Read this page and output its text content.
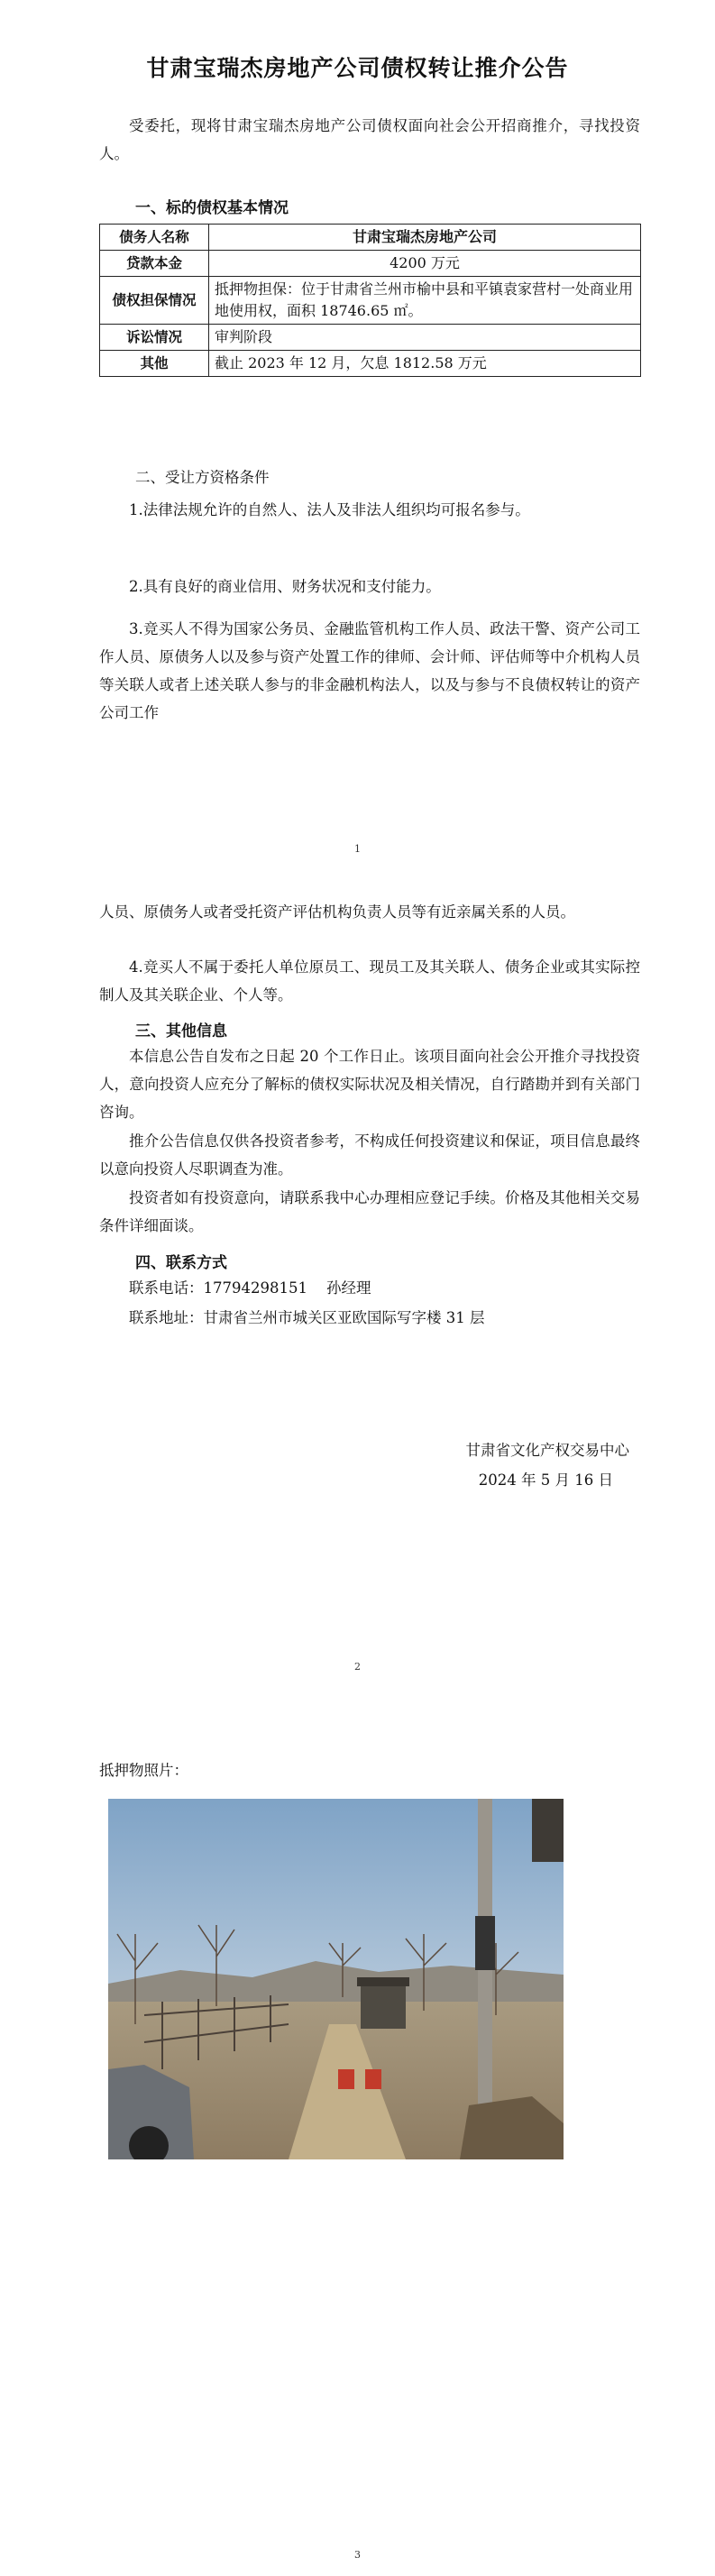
甘肃宝瑞杰房地产公司债权转让推介公告

受委托，现将甘肃宝瑞杰房地产公司债权面向社会公开招商推介，寻找投资人。

一、标的债权基本情况

债务人名称	甘肃宝瑞杰房地产公司
贷款本金	4200 万元
债权担保情况	抵押物担保：位于甘肃省兰州市榆中县和平镇袁家营村一处商业用地使用权，面积 18746.65 ㎡。
诉讼情况	审判阶段
其他	截止 2023 年 12 月，欠息 1812.58 万元

二、受让方资格条件

1.法律法规允许的自然人、法人及非法人组织均可报名参与。

2.具有良好的商业信用、财务状况和支付能力。

3.竞买人不得为国家公务员、金融监管机构工作人员、政法干警、资产公司工作人员、原债务人以及参与资产处置工作的律师、会计师、评估师等中介机构人员等关联人或者上述关联人参与的非金融机构法人，以及与参与不良债权转让的资产公司工作

1

人员、原债务人或者受托资产评估机构负责人员等有近亲属关系的人员。

4.竞买人不属于委托人单位原员工、现员工及其关联人、债务企业或其实际控制人及其关联企业、个人等。

三、其他信息

本信息公告自发布之日起 20 个工作日止。该项目面向社会公开推介寻找投资人，意向投资人应充分了解标的债权实际状况及相关情况，自行踏勘并到有关部门咨询。

推介公告信息仅供各投资者参考，不构成任何投资建议和保证，项目信息最终以意向投资人尽职调查为准。

投资者如有投资意向，请联系我中心办理相应登记手续。价格及其他相关交易条件详细面谈。

四、联系方式

联系电话：17794298151    孙经理

联系地址：甘肃省兰州市城关区亚欧国际写字楼 31 层

甘肃省文化产权交易中心
2024 年 5 月 16 日
2

抵押物照片：

3
